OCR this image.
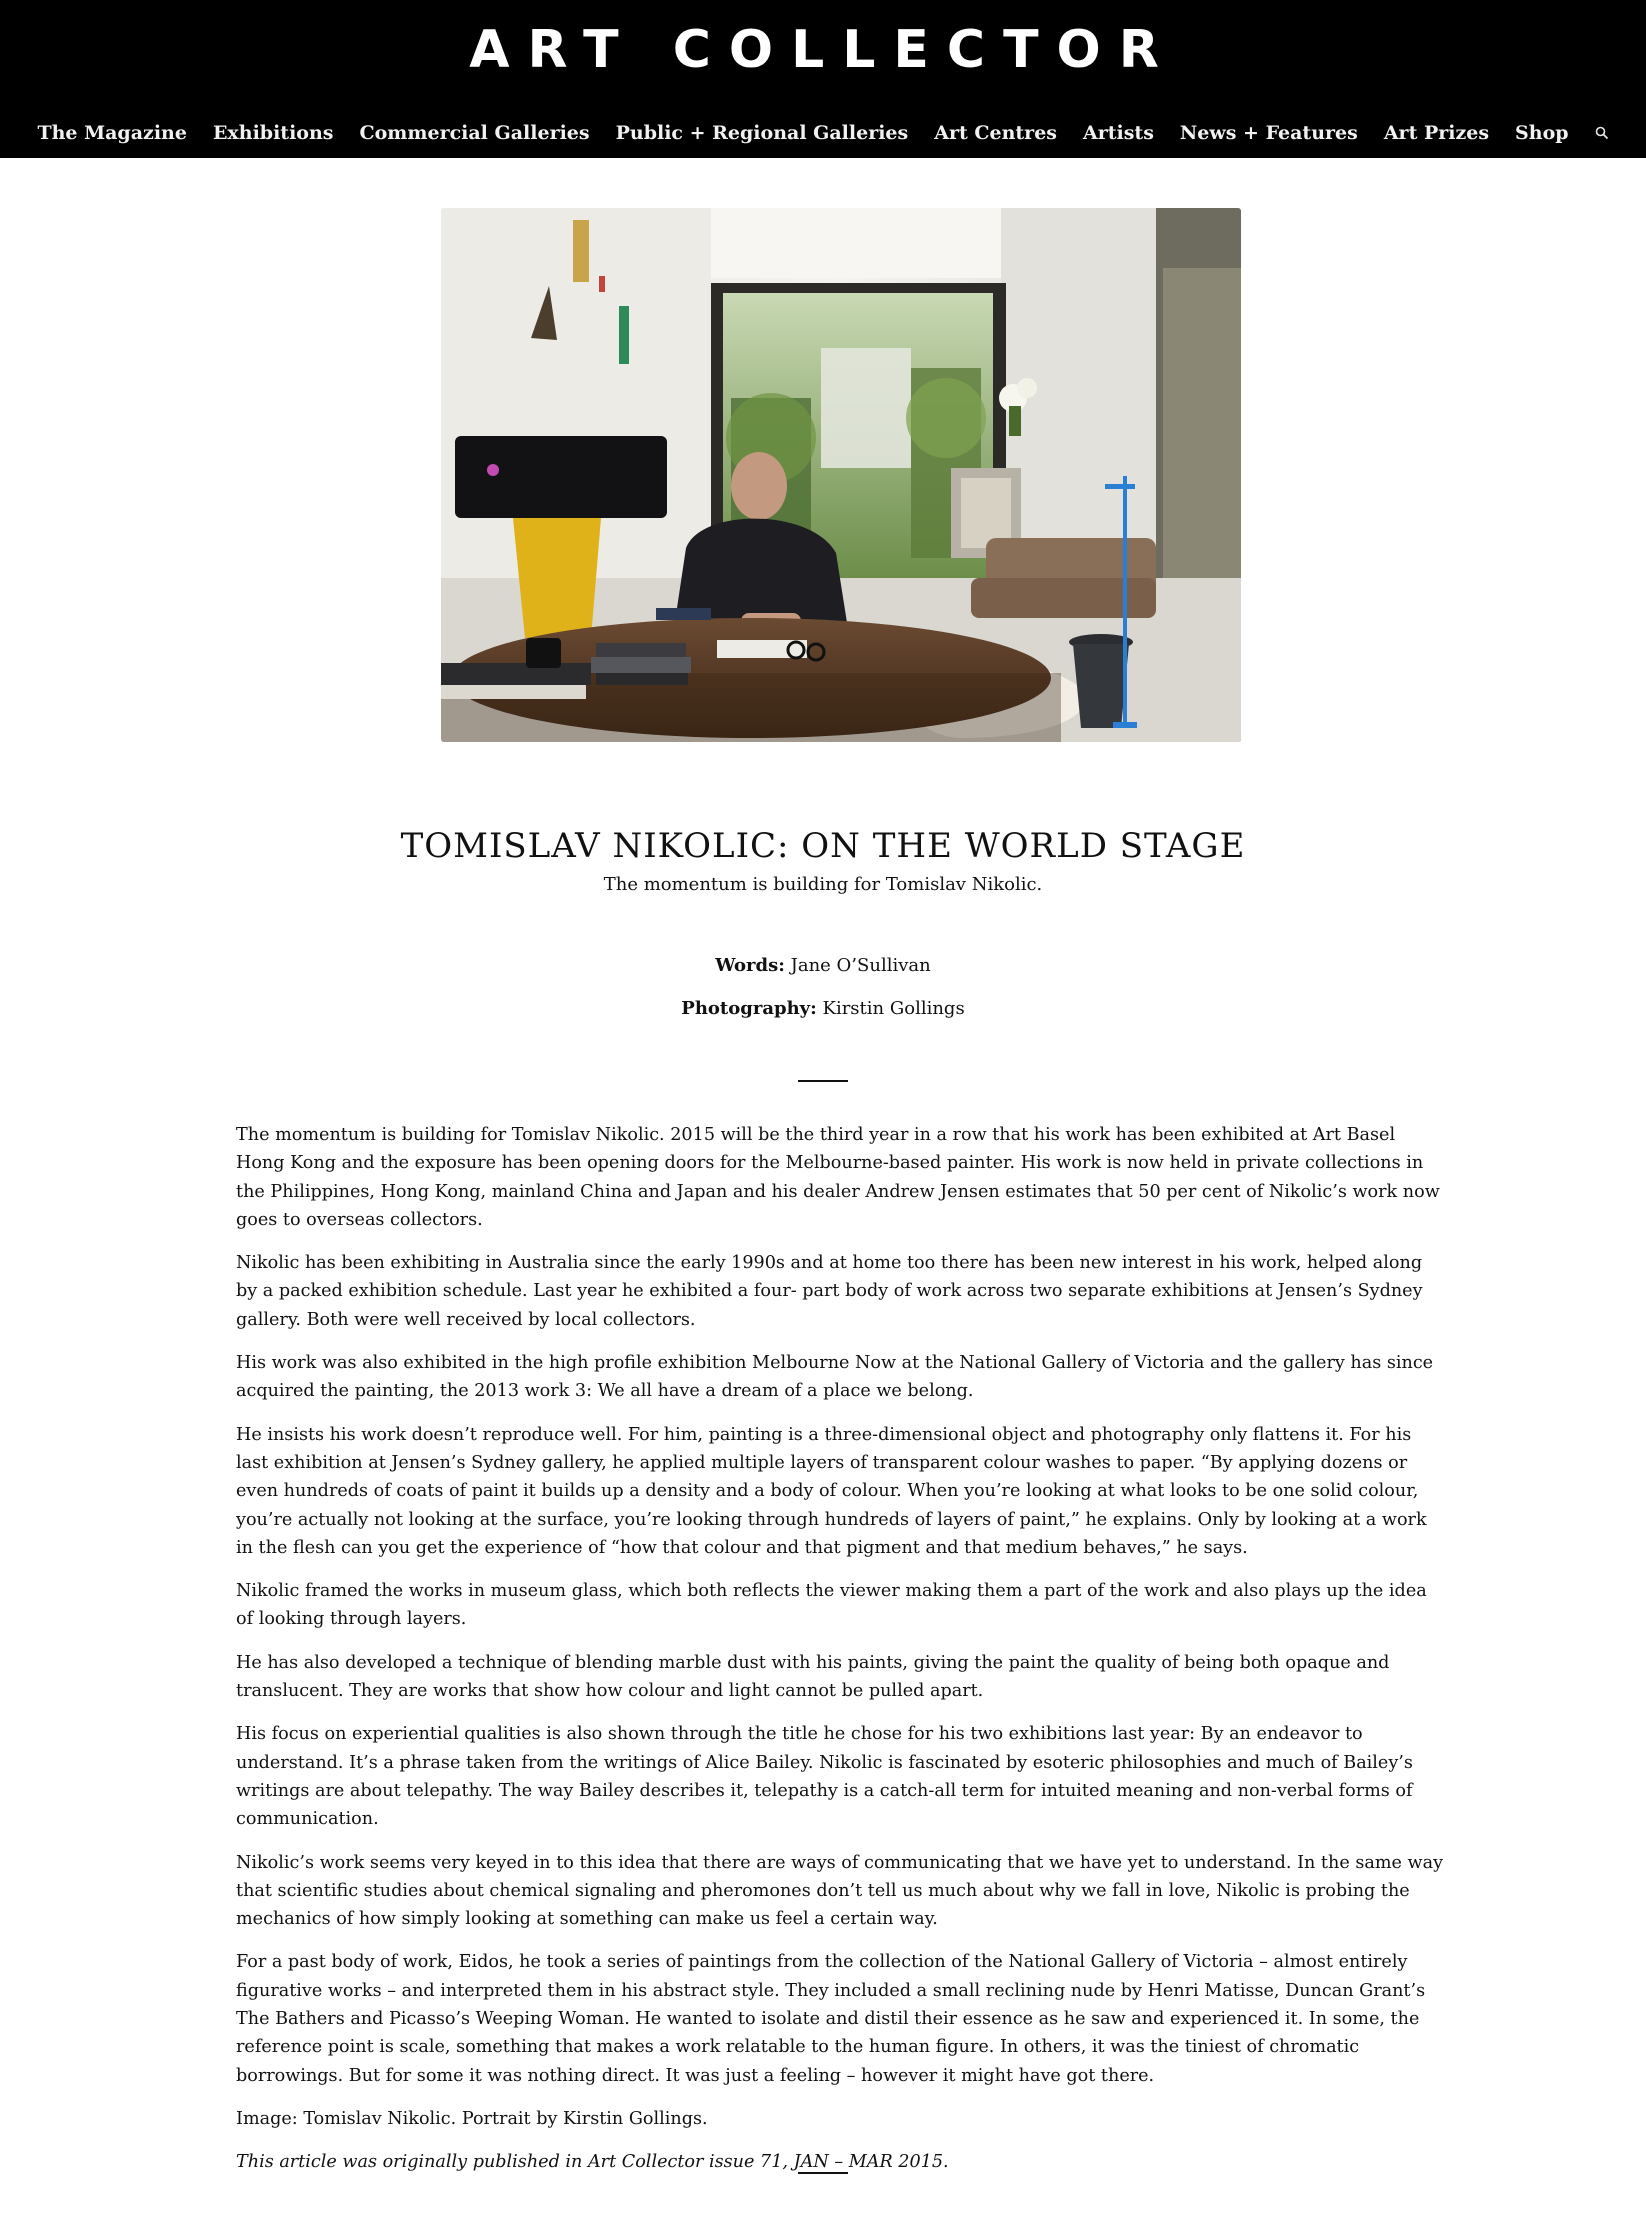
ART COLLECTOR
The Magazine	Exhibitions	Commercial Galleries	Public + Regional Galleries	Art Centres	Artists	News + Features	Art Prizes	Shop
TOMISLAV NIKOLIC: ON THE WORLD STAGE
The momentum is building for Tomislav Nikolic.
Words: Jane O’Sullivan
Photography: Kirstin Gollings

The momentum is building for Tomislav Nikolic. 2015 will be the third year in a row that his work has been exhibited at Art Basel Hong Kong and the exposure has been opening doors for the Melbourne-based painter. His work is now held in private collections in the Philippines, Hong Kong, mainland China and Japan and his dealer Andrew Jensen estimates that 50 per cent of Nikolic’s work now goes to overseas collectors.

Nikolic has been exhibiting in Australia since the early 1990s and at home too there has been new interest in his work, helped along by a packed exhibition schedule. Last year he exhibited a four- part body of work across two separate exhibitions at Jensen’s Sydney gallery. Both were well received by local collectors.

His work was also exhibited in the high profile exhibition Melbourne Now at the National Gallery of Victoria and the gallery has since acquired the painting, the 2013 work 3: We all have a dream of a place we belong.

He insists his work doesn’t reproduce well. For him, painting is a three-dimensional object and photography only flattens it. For his last exhibition at Jensen’s Sydney gallery, he applied multiple layers of transparent colour washes to paper. “By applying dozens or even hundreds of coats of paint it builds up a density and a body of colour. When you’re looking at what looks to be one solid colour, you’re actually not looking at the surface, you’re looking through hundreds of layers of paint,” he explains. Only by looking at a work in the flesh can you get the experience of “how that colour and that pigment and that medium behaves,” he says.

Nikolic framed the works in museum glass, which both reflects the viewer making them a part of the work and also plays up the idea of looking through layers.

He has also developed a technique of blending marble dust with his paints, giving the paint the quality of being both opaque and translucent. They are works that show how colour and light cannot be pulled apart.

His focus on experiential qualities is also shown through the title he chose for his two exhibitions last year: By an endeavor to understand. It’s a phrase taken from the writings of Alice Bailey. Nikolic is fascinated by esoteric philosophies and much of Bailey’s writings are about telepathy. The way Bailey describes it, telepathy is a catch-all term for intuited meaning and non-verbal forms of communication.

Nikolic’s work seems very keyed in to this idea that there are ways of communicating that we have yet to understand. In the same way that scientific studies about chemical signaling and pheromones don’t tell us much about why we fall in love, Nikolic is probing the mechanics of how simply looking at something can make us feel a certain way.

For a past body of work, Eidos, he took a series of paintings from the collection of the National Gallery of Victoria – almost entirely figurative works – and interpreted them in his abstract style. They included a small reclining nude by Henri Matisse, Duncan Grant’s The Bathers and Picasso’s Weeping Woman. He wanted to isolate and distil their essence as he saw and experienced it. In some, the reference point is scale, something that makes a work relatable to the human figure. In others, it was the tiniest of chromatic borrowings. But for some it was nothing direct. It was just a feeling – however it might have got there.

Image: Tomislav Nikolic. Portrait by Kirstin Gollings.

This article was originally published in Art Collector issue 71, JAN – MAR 2015.
